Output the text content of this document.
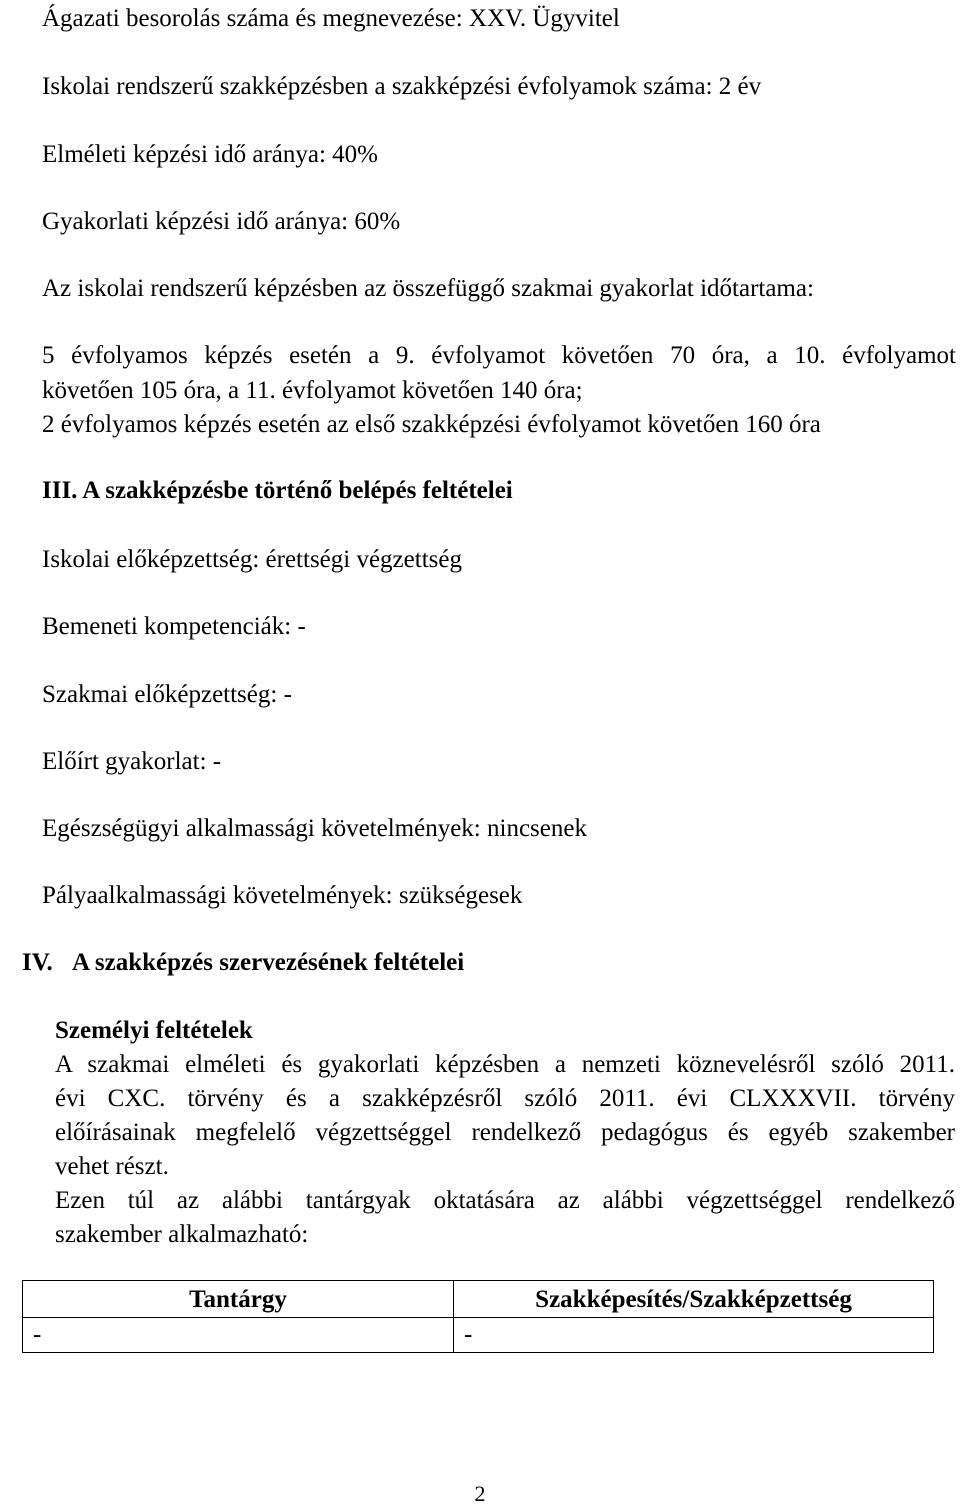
Ágazati besorolás száma és megnevezése: XXV. Ügyvitel
Iskolai rendszerű szakképzésben a szakképzési évfolyamok száma: 2 év
Elméleti képzési idő aránya: 40%
Gyakorlati képzési idő aránya: 60%
Az iskolai rendszerű képzésben az összefüggő szakmai gyakorlat időtartama:
5 évfolyamos képzés esetén a 9. évfolyamot követően 70 óra, a 10. évfolyamot
követően 105 óra, a 11. évfolyamot követően 140 óra;
2 évfolyamos képzés esetén az első szakképzési évfolyamot követően 160 óra
III. A szakképzésbe történő belépés feltételei
Iskolai előképzettség: érettségi végzettség
Bemeneti kompetenciák: -
Szakmai előképzettség: -
Előírt gyakorlat: -
Egészségügyi alkalmassági követelmények: nincsenek
Pályaalkalmassági követelmények: szükségesek
IV. A szakképzés szervezésének feltételei
Személyi feltételek
A szakmai elméleti és gyakorlati képzésben a nemzeti köznevelésről szóló 2011.
évi CXC. törvény és a szakképzésről szóló 2011. évi CLXXXVII. törvény
előírásainak megfelelő végzettséggel rendelkező pedagógus és egyéb szakember
vehet részt.
Ezen túl az alábbi tantárgyak oktatására az alábbi végzettséggel rendelkező
szakember alkalmazható:
Tantárgy	Szakképesítés/Szakképzettség
-	-
2
